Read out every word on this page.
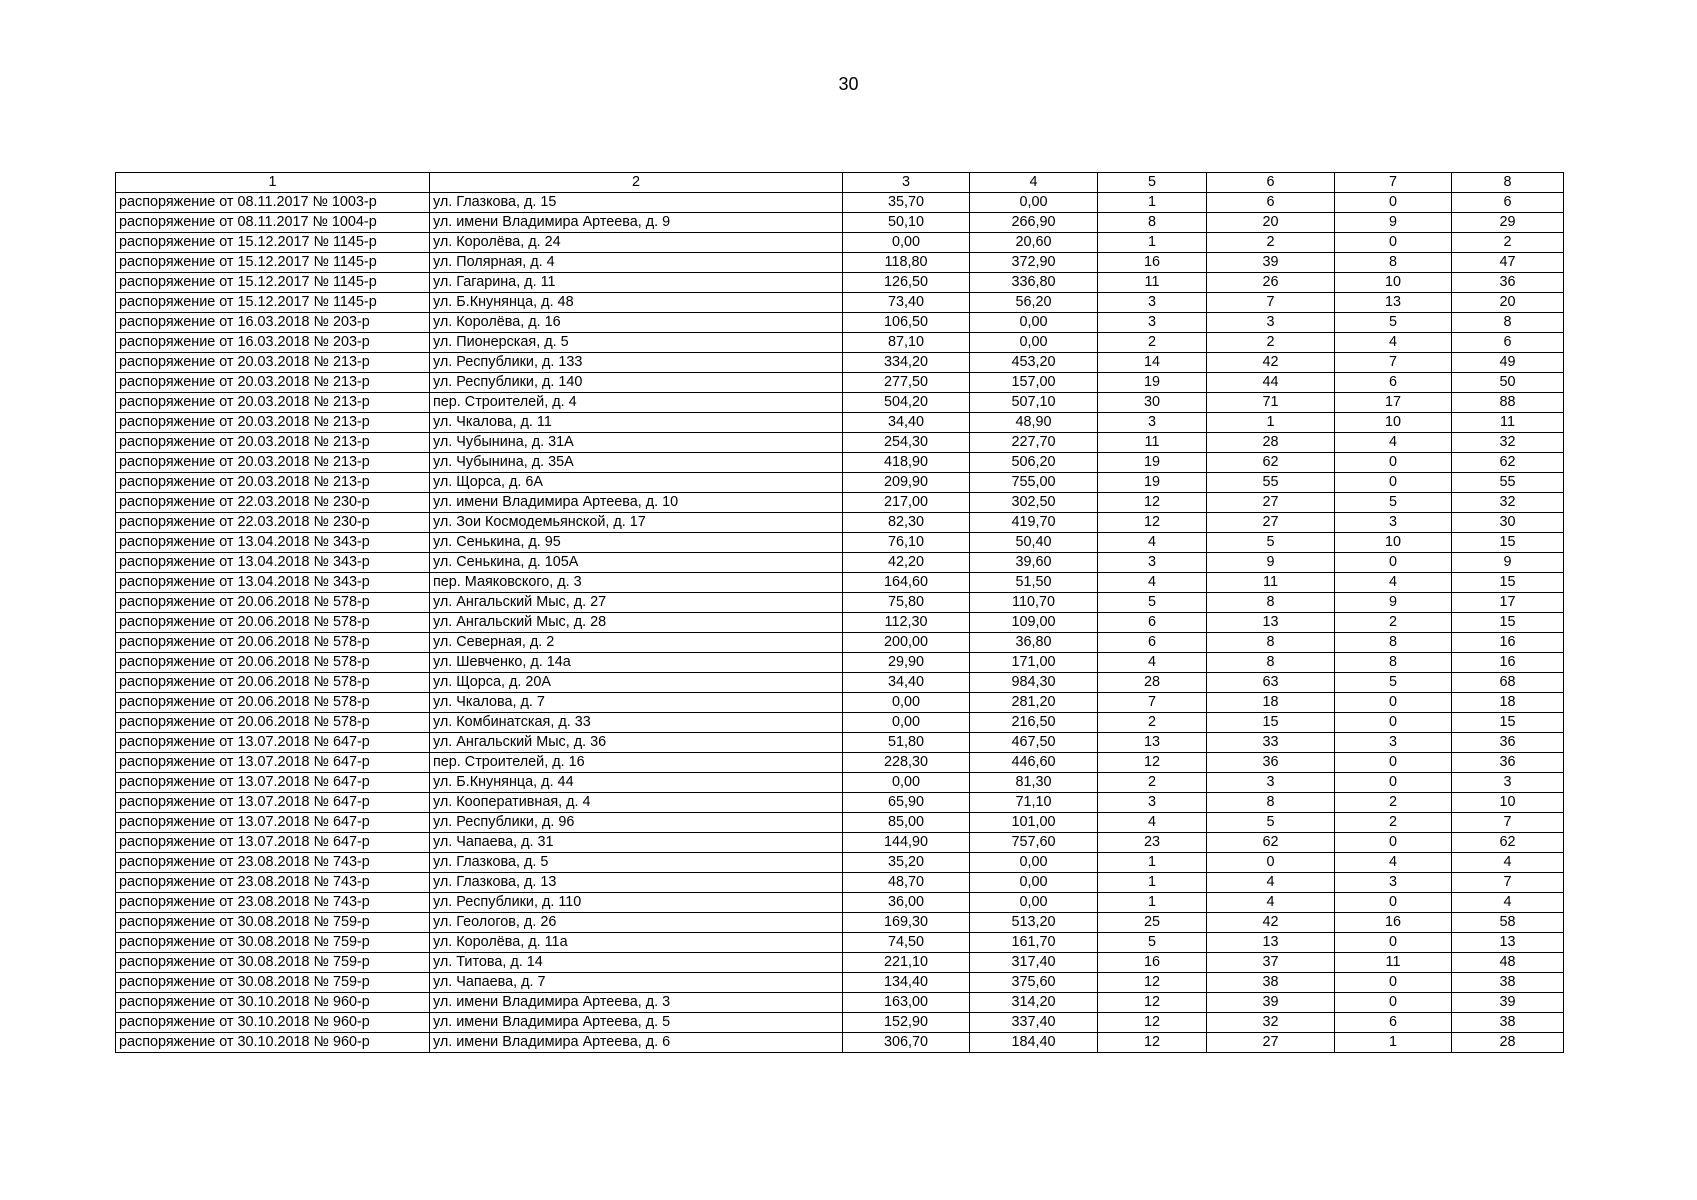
30
1	2	3	4	5	6	7	8
распоряжение от 08.11.2017 № 1003-р	ул. Глазкова, д. 15	35,70	0,00	1	6	0	6
распоряжение от 08.11.2017 № 1004-р	ул. имени Владимира Артеева, д. 9	50,10	266,90	8	20	9	29
распоряжение от 15.12.2017 № 1145-р	ул. Королёва, д. 24	0,00	20,60	1	2	0	2
распоряжение от 15.12.2017 № 1145-р	ул. Полярная, д. 4	118,80	372,90	16	39	8	47
распоряжение от 15.12.2017 № 1145-р	ул. Гагарина, д. 11	126,50	336,80	11	26	10	36
распоряжение от 15.12.2017 № 1145-р	ул. Б.Кнунянца, д. 48	73,40	56,20	3	7	13	20
распоряжение от 16.03.2018 № 203-р	ул. Королёва, д. 16	106,50	0,00	3	3	5	8
распоряжение от 16.03.2018 № 203-р	ул. Пионерская, д. 5	87,10	0,00	2	2	4	6
распоряжение от 20.03.2018 № 213-р	ул. Республики, д. 133	334,20	453,20	14	42	7	49
распоряжение от 20.03.2018 № 213-р	ул. Республики, д. 140	277,50	157,00	19	44	6	50
распоряжение от 20.03.2018 № 213-р	пер. Строителей, д. 4	504,20	507,10	30	71	17	88
распоряжение от 20.03.2018 № 213-р	ул. Чкалова, д. 11	34,40	48,90	3	1	10	11
распоряжение от 20.03.2018 № 213-р	ул. Чубынина, д. 31А	254,30	227,70	11	28	4	32
распоряжение от 20.03.2018 № 213-р	ул. Чубынина, д. 35А	418,90	506,20	19	62	0	62
распоряжение от 20.03.2018 № 213-р	ул. Щорса, д. 6А	209,90	755,00	19	55	0	55
распоряжение от 22.03.2018 № 230-р	ул. имени Владимира Артеева, д. 10	217,00	302,50	12	27	5	32
распоряжение от 22.03.2018 № 230-р	ул. Зои Космодемьянской, д. 17	82,30	419,70	12	27	3	30
распоряжение от 13.04.2018 № 343-р	ул. Сенькина, д. 95	76,10	50,40	4	5	10	15
распоряжение от 13.04.2018 № 343-р	ул. Сенькина, д. 105А	42,20	39,60	3	9	0	9
распоряжение от 13.04.2018 № 343-р	пер. Маяковского, д. 3	164,60	51,50	4	11	4	15
распоряжение от 20.06.2018 № 578-р	ул. Ангальский Мыс, д. 27	75,80	110,70	5	8	9	17
распоряжение от 20.06.2018 № 578-р	ул. Ангальский Мыс, д. 28	112,30	109,00	6	13	2	15
распоряжение от 20.06.2018 № 578-р	ул. Северная, д. 2	200,00	36,80	6	8	8	16
распоряжение от 20.06.2018 № 578-р	ул. Шевченко, д. 14а	29,90	171,00	4	8	8	16
распоряжение от 20.06.2018 № 578-р	ул. Щорса, д. 20А	34,40	984,30	28	63	5	68
распоряжение от 20.06.2018 № 578-р	ул. Чкалова, д. 7	0,00	281,20	7	18	0	18
распоряжение от 20.06.2018 № 578-р	ул. Комбинатская, д. 33	0,00	216,50	2	15	0	15
распоряжение от 13.07.2018 № 647-р	ул. Ангальский Мыс, д. 36	51,80	467,50	13	33	3	36
распоряжение от 13.07.2018 № 647-р	пер. Строителей, д. 16	228,30	446,60	12	36	0	36
распоряжение от 13.07.2018 № 647-р	ул. Б.Кнунянца, д. 44	0,00	81,30	2	3	0	3
распоряжение от 13.07.2018 № 647-р	ул. Кооперативная, д. 4	65,90	71,10	3	8	2	10
распоряжение от 13.07.2018 № 647-р	ул. Республики, д. 96	85,00	101,00	4	5	2	7
распоряжение от 13.07.2018 № 647-р	ул. Чапаева, д. 31	144,90	757,60	23	62	0	62
распоряжение от 23.08.2018 № 743-р	ул. Глазкова, д. 5	35,20	0,00	1	0	4	4
распоряжение от 23.08.2018 № 743-р	ул. Глазкова, д. 13	48,70	0,00	1	4	3	7
распоряжение от 23.08.2018 № 743-р	ул. Республики, д. 110	36,00	0,00	1	4	0	4
распоряжение от 30.08.2018 № 759-р	ул. Геологов, д. 26	169,30	513,20	25	42	16	58
распоряжение от 30.08.2018 № 759-р	ул. Королёва, д. 11а	74,50	161,70	5	13	0	13
распоряжение от 30.08.2018 № 759-р	ул. Титова, д. 14	221,10	317,40	16	37	11	48
распоряжение от 30.08.2018 № 759-р	ул. Чапаева, д. 7	134,40	375,60	12	38	0	38
распоряжение от 30.10.2018 № 960-р	ул. имени Владимира Артеева, д. 3	163,00	314,20	12	39	0	39
распоряжение от 30.10.2018 № 960-р	ул. имени Владимира Артеева, д. 5	152,90	337,40	12	32	6	38
распоряжение от 30.10.2018 № 960-р	ул. имени Владимира Артеева, д. 6	306,70	184,40	12	27	1	28
